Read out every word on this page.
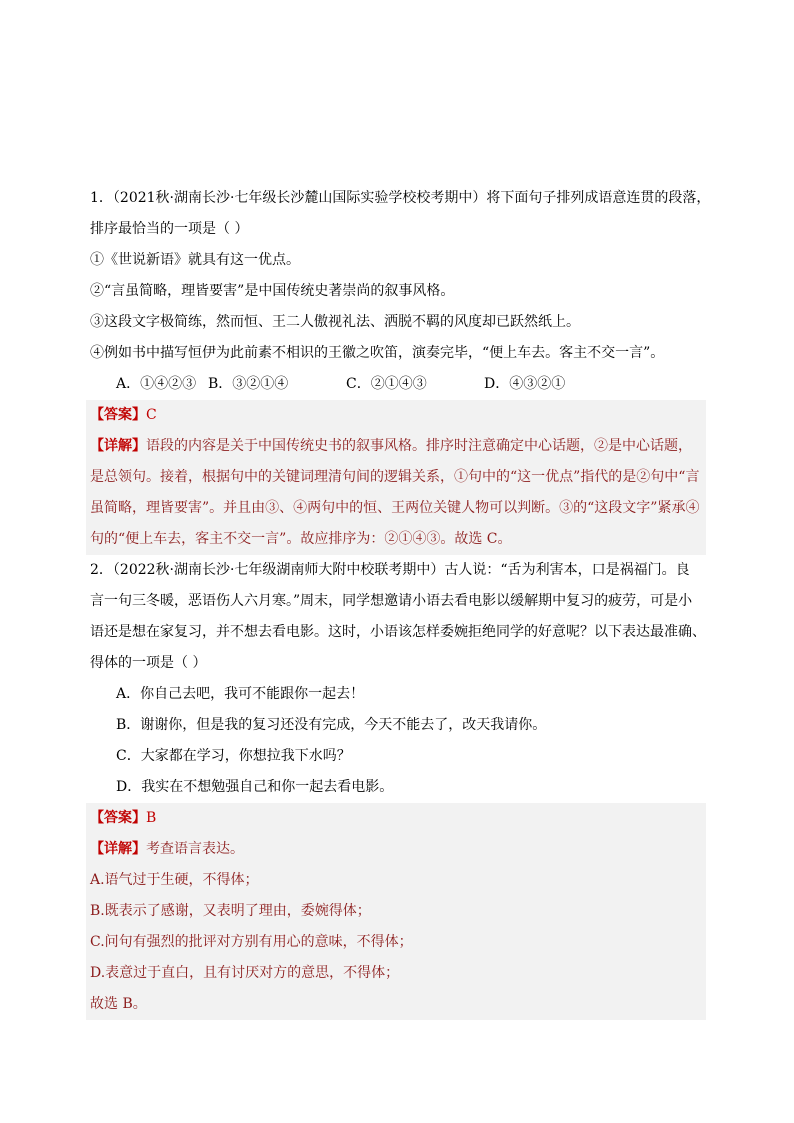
1．（2021秋·湖南长沙·七年级长沙麓山国际实验学校校考期中）将下面句子排列成语意连贯的段落，

排序最恰当的一项是（ ）

①《世说新语》就具有这一优点。

②“言虽简略，理皆要害”是中国传统史著崇尚的叙事风格。

③这段文字极简练，然而恒、王二人傲视礼法、洒脱不羁的风度却已跃然纸上。

④例如书中描写恒伊为此前素不相识的王徽之吹笛，演奏完毕，“便上车去。客主不交一言”。

A．①④②③ B．③②①④	C．②①④③	D．④③②①

【答案】C

【详解】语段的内容是关于中国传统史书的叙事风格。排序时注意确定中心话题，②是中心话题，

是总领句。接着，根据句中的关键词理清句间的逻辑关系，①句中的“这一优点”指代的是②句中“言

虽简略，理皆要害”。并且由③、④两句中的恒、王两位关键人物可以判断。③的“这段文字”紧承④

句的“便上车去，客主不交一言”。故应排序为：②①④③。故选 C。

2．（2022秋·湖南长沙·七年级湖南师大附中校联考期中）古人说：“舌为利害本，口是祸福门。良

言一句三冬暖，恶语伤人六月寒。”周末，同学想邀请小语去看电影以缓解期中复习的疲劳，可是小

语还是想在家复习，并不想去看电影。这时，小语该怎样委婉拒绝同学的好意呢？以下表达最准确、

得体的一项是（ ）

A．你自己去吧，我可不能跟你一起去！

B．谢谢你，但是我的复习还没有完成，今天不能去了，改天我请你。

C．大家都在学习，你想拉我下水吗？

D．我实在不想勉强自己和你一起去看电影。

【答案】B

【详解】考查语言表达。

A.语气过于生硬，不得体；

B.既表示了感谢，又表明了理由，委婉得体；

C.问句有强烈的批评对方别有用心的意味，不得体；

D.表意过于直白，且有讨厌对方的意思，不得体；

故选 B。
